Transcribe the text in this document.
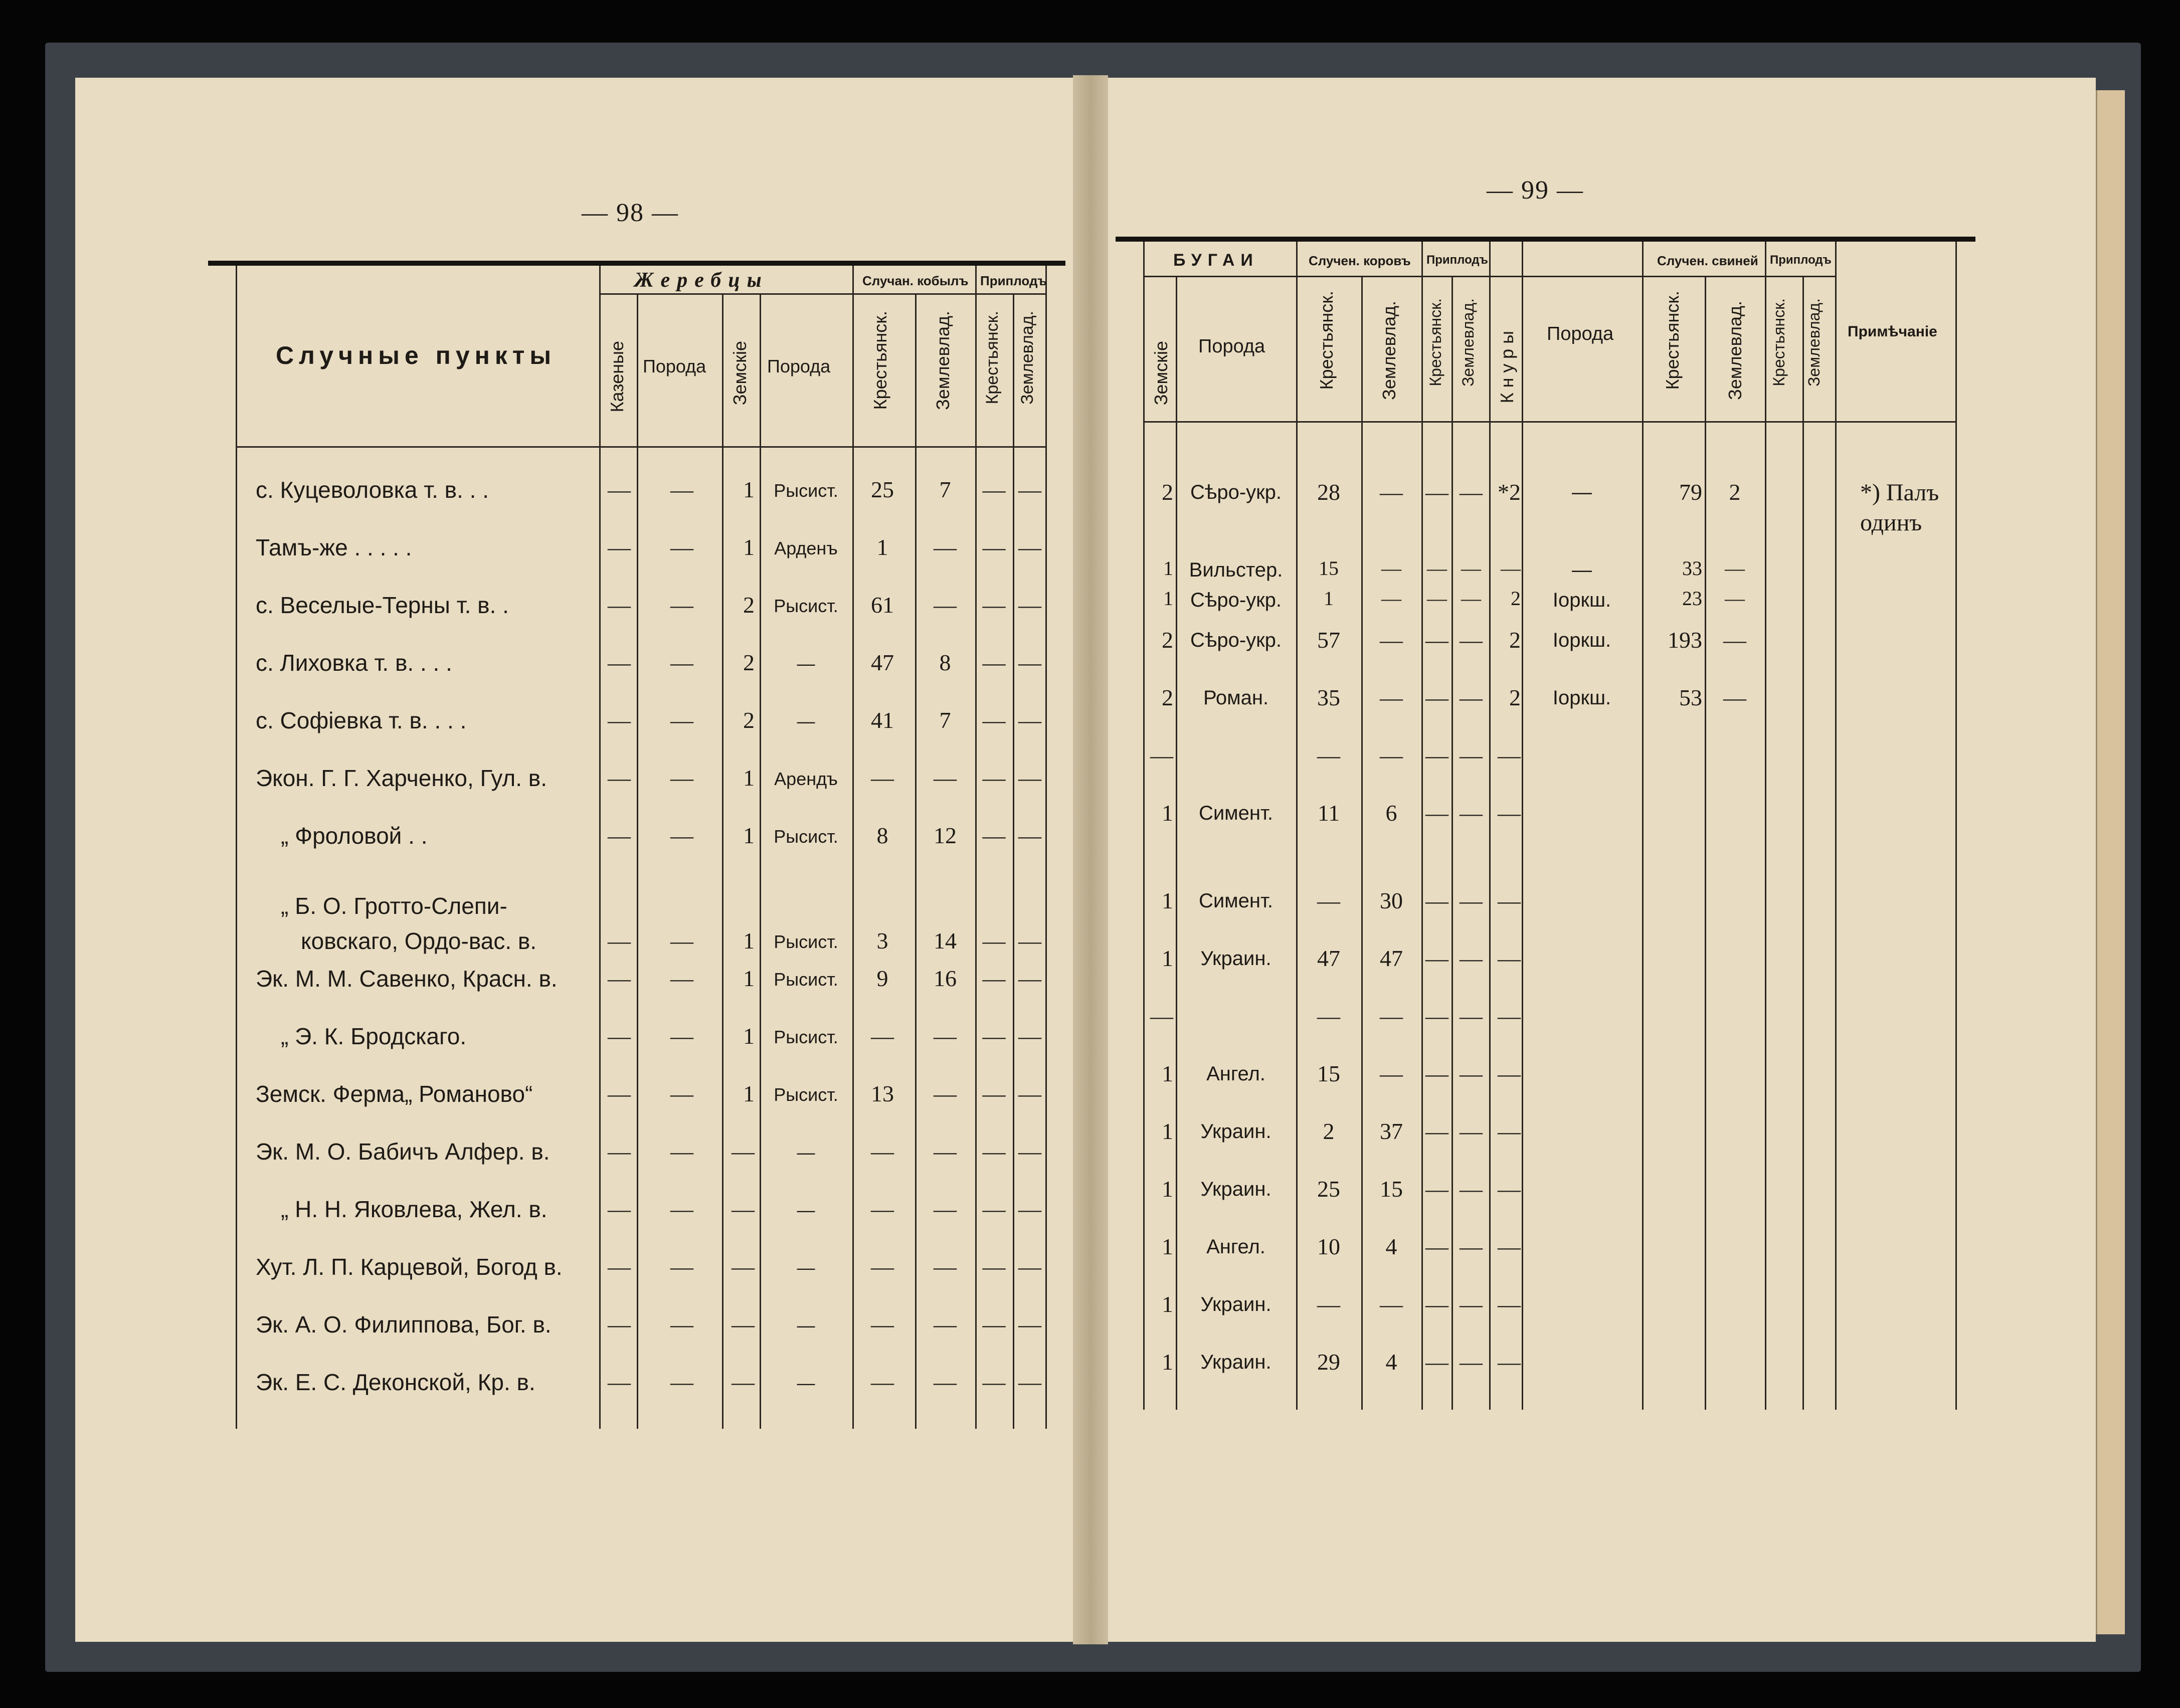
— 98 —
— 99 —
Случные пункты
Жеребцы	Случан. кобылъ Приплодъ
Порода	Порода
Казеные	Земскіе	Крестьянск. Землевлад. Крестьянск. Землевлад.
с. Куцеволовка т. в. . .	—	—	1	Рысист.	25	7	— —
Тамъ-же . . . . .	—	—	1	Арденъ	1	—	— —
с. Веселые-Терны т. в. .	—	—	2	Рысист.	61	—	— —
с. Лиховка т. в. . . .	—	—	2	—	47	8	— —
с. Софіевка т. в. . . .	—	—	2	—	41	7	— —
Экон. Г. Г. Харченко, Гул. в.	—	—	1	Арендъ	—	—	— —
„ Фроловой . .	—	—	1	Рысист.	8	12	— —
„ Б. О. Гротто-Слепи-
ковскаго, Ордо-вас. в.	—	—	1	Рысист.	3	14	— —
Эк. М. М. Савенко, Красн. в. —	—	1	Рысист.	9	16	— —
„ Э. К. Бродскаго.	—	—	1	Рысист.	—	—	— —
Земск. Ферма„ Романово“	—	—	1	Рысист.	13	—	— —
Эк. М. О. Бабичъ Алфер. в.	—	—	—	—	—	—	— —
„ Н. Н. Яковлева, Жел. в.	—	—	—	—	—	—	— —
Хут. Л. П. Карцевой, Богод в. —	—	—	—	—	—	— —
Эк. А. О. Филиппова, Бог. в. —	—	—	—	—	—	— —
Эк. Е. С. Деконской, Кр. в.	—	—	—	—	—	—	— —
БУГАИ	Случен. коровъ Приплодъ	Случен. свиней Приплодъ
Порода
Порода	Примѣчаніе
Земскіе	Крестьянск. Землевлад. Крестьянск. Землевлад. Кнуры	Крестьянск. Землевлад. Крестьянск. Землевлад.
2 Сѣро-укр.	28	— — — *2	—	79	2	*) Палъ
одинъ
1 Вильстер.	15	—	— — —	—	33	—
1 Сѣро-укр.	1	—	— —	2	Іоркш.	23	—
2 Сѣро-укр.	57	— — —	2	Іоркш.	193 —
2	Роман.	35	— — —	2	Іоркш.	53 —
—	—	— — — —
1	Симент.	11	6	— — —
1	Симент.	—	30 — — —
1	Украин.	47	47 — — —
—	—	— — — —
1	Ангел.	15	— — — —
1	Украин.	2	37 — — —
1	Украин.	25	15 — — —
1	Ангел.	10	4	— — —
1	Украин.	—	— — — —
1	Украин.	29	4	— — —
